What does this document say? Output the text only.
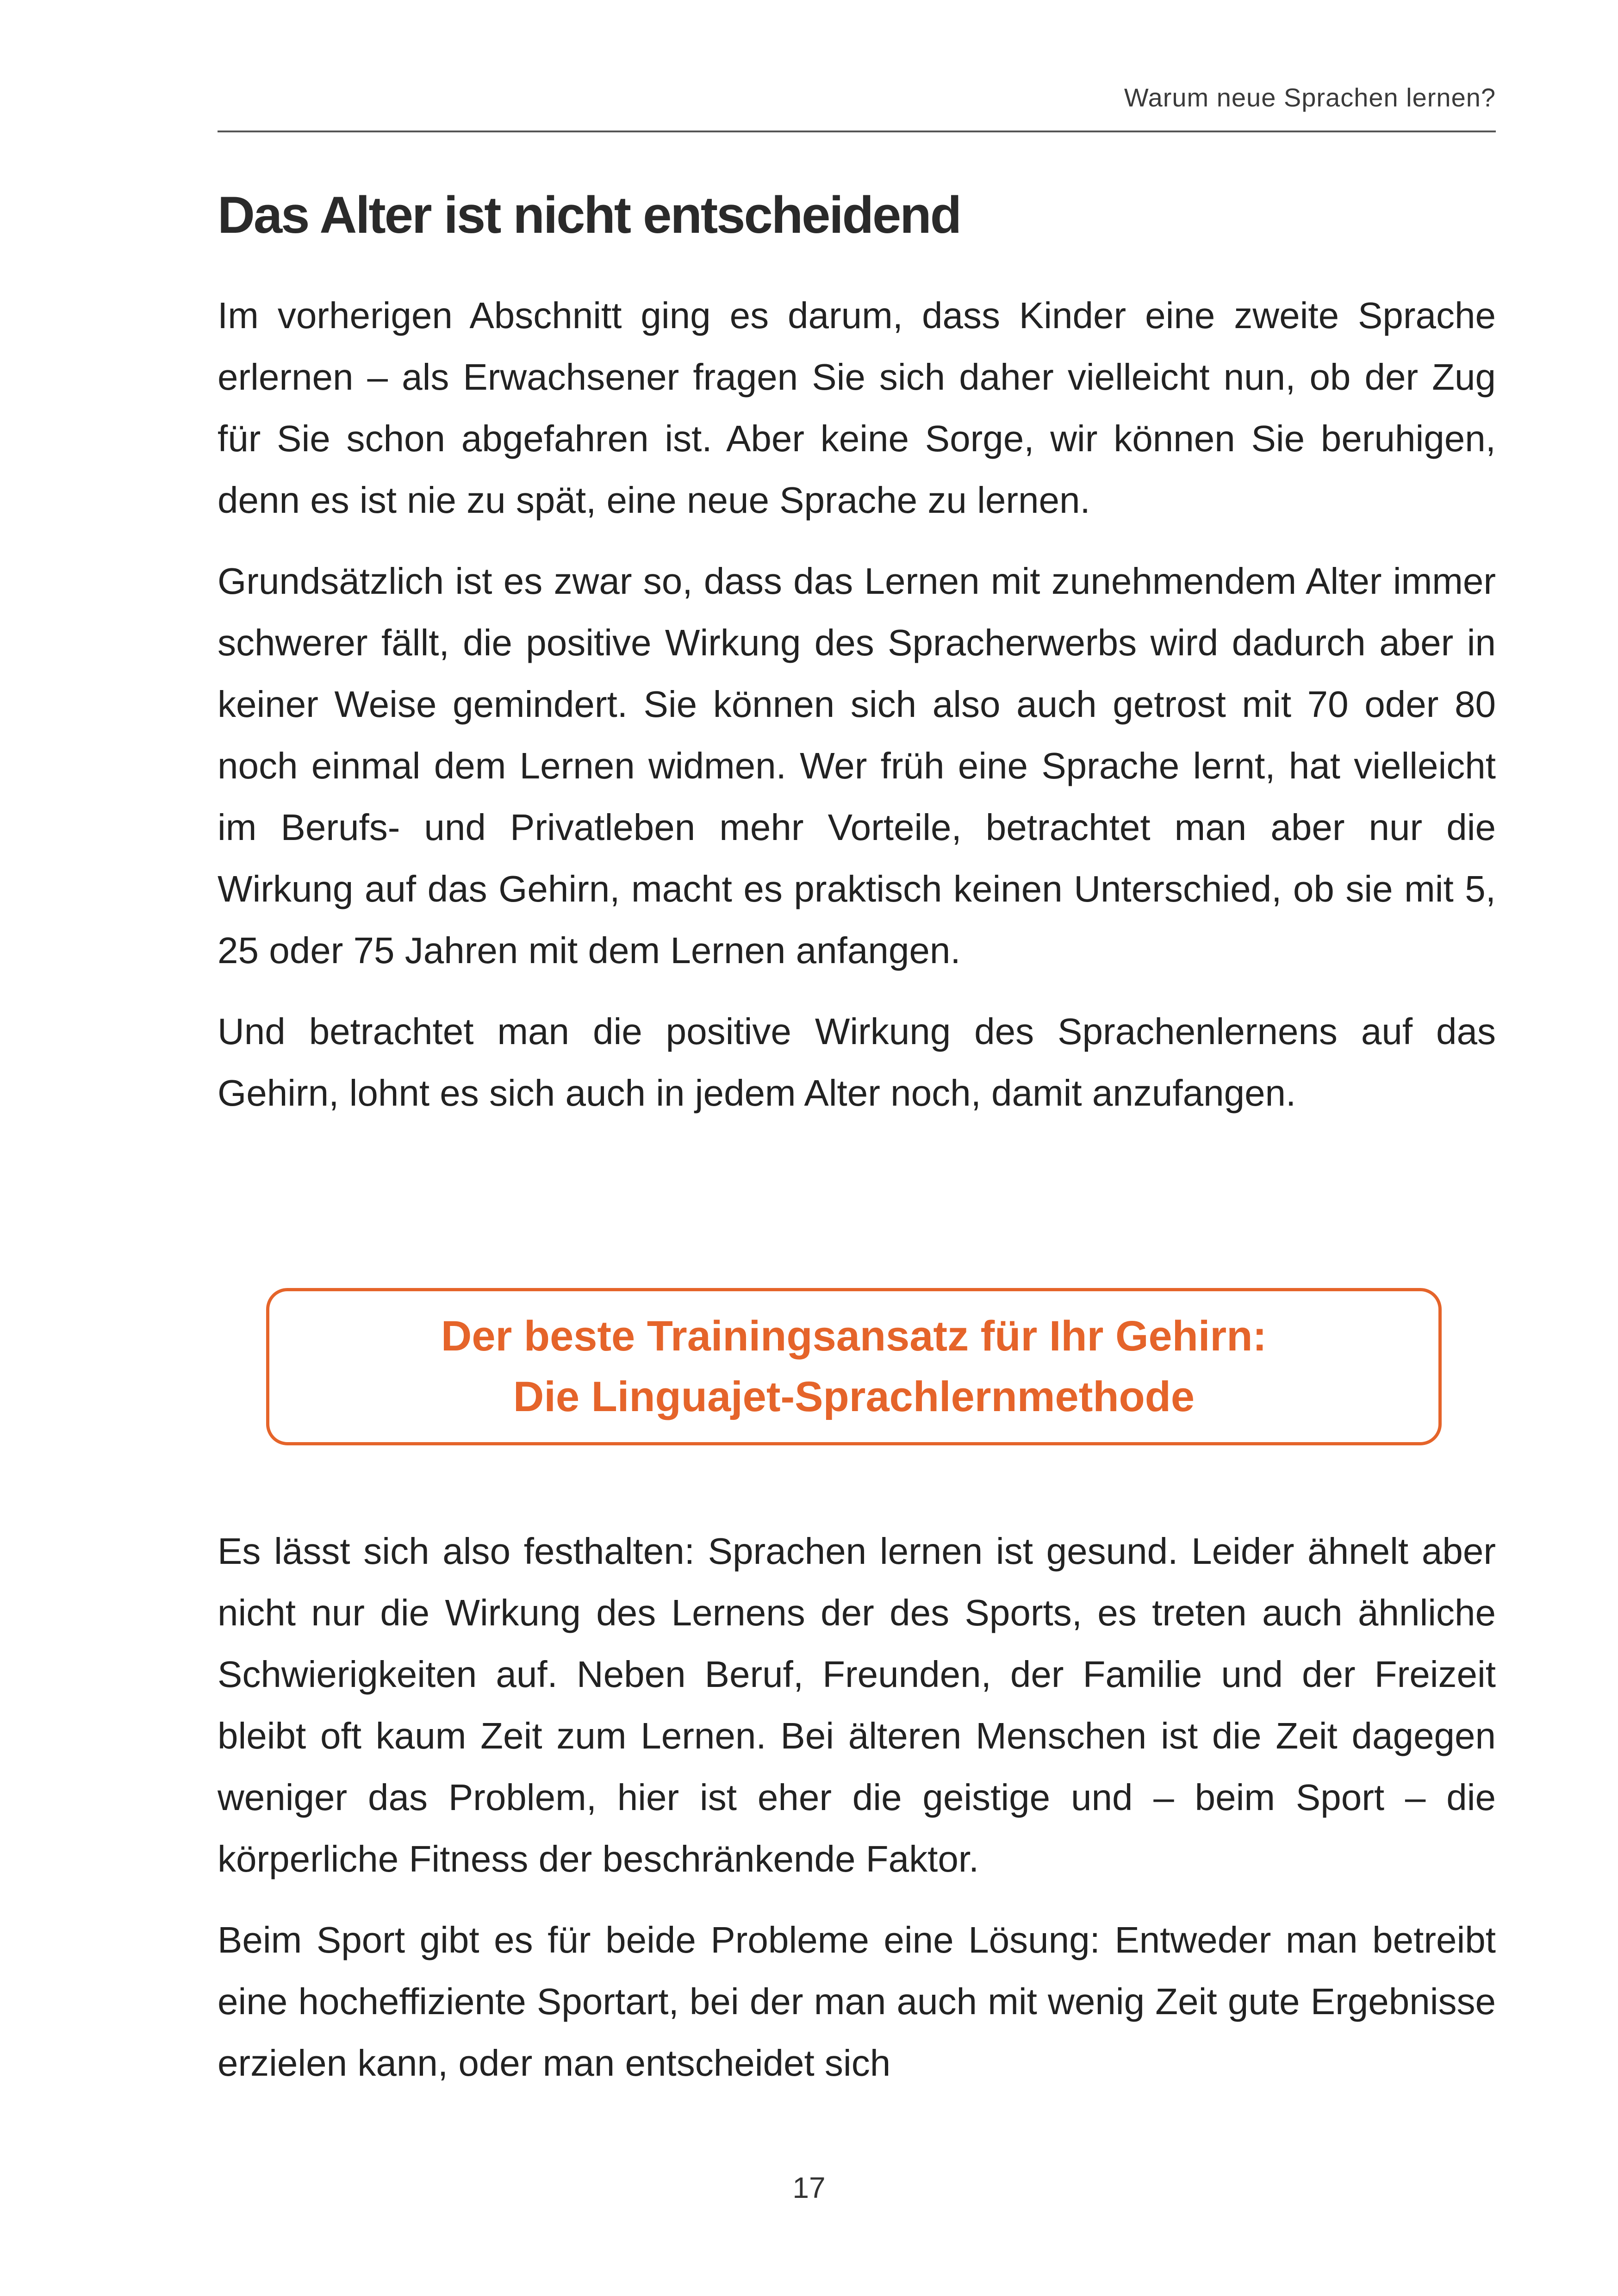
Warum neue Sprachen lernen?
Das Alter ist nicht entscheidend

Im vorherigen Abschnitt ging es darum, dass Kinder eine zweite Sprache erlernen – als Erwachsener fragen Sie sich daher vielleicht nun, ob der Zug für Sie schon abgefahren ist. Aber keine Sorge, wir können Sie beruhigen, denn es ist nie zu spät, eine neue Sprache zu lernen.

Grundsätzlich ist es zwar so, dass das Lernen mit zunehmendem Alter immer schwerer fällt, die positive Wirkung des Spracherwerbs wird dadurch aber in keiner Weise gemindert. Sie können sich also auch getrost mit 70 oder 80 noch einmal dem Lernen widmen. Wer früh eine Sprache lernt, hat vielleicht im Berufs- und Privatleben mehr Vorteile, betrachtet man aber nur die Wirkung auf das Gehirn, macht es praktisch keinen Unterschied, ob sie mit 5, 25 oder 75 Jahren mit dem Lernen anfangen.

Und betrachtet man die positive Wirkung des Sprachenlernens auf das Gehirn, lohnt es sich auch in jedem Alter noch, damit anzufangen.

Der beste Trainingsansatz für Ihr Gehirn:
Die Linguajet-Sprachlernmethode

Es lässt sich also festhalten: Sprachen lernen ist gesund. Leider ähnelt aber nicht nur die Wirkung des Lernens der des Sports, es treten auch ähnliche Schwierigkeiten auf. Neben Beruf, Freunden, der Familie und der Freizeit bleibt oft kaum Zeit zum Lernen. Bei älteren Menschen ist die Zeit dagegen weniger das Problem, hier ist eher die geistige und – beim Sport – die körperliche Fitness der beschränkende Faktor.

Beim Sport gibt es für beide Probleme eine Lösung: Entweder man betreibt eine hocheffiziente Sportart, bei der man auch mit wenig Zeit gute Ergebnisse erzielen kann, oder man entscheidet sich

17
